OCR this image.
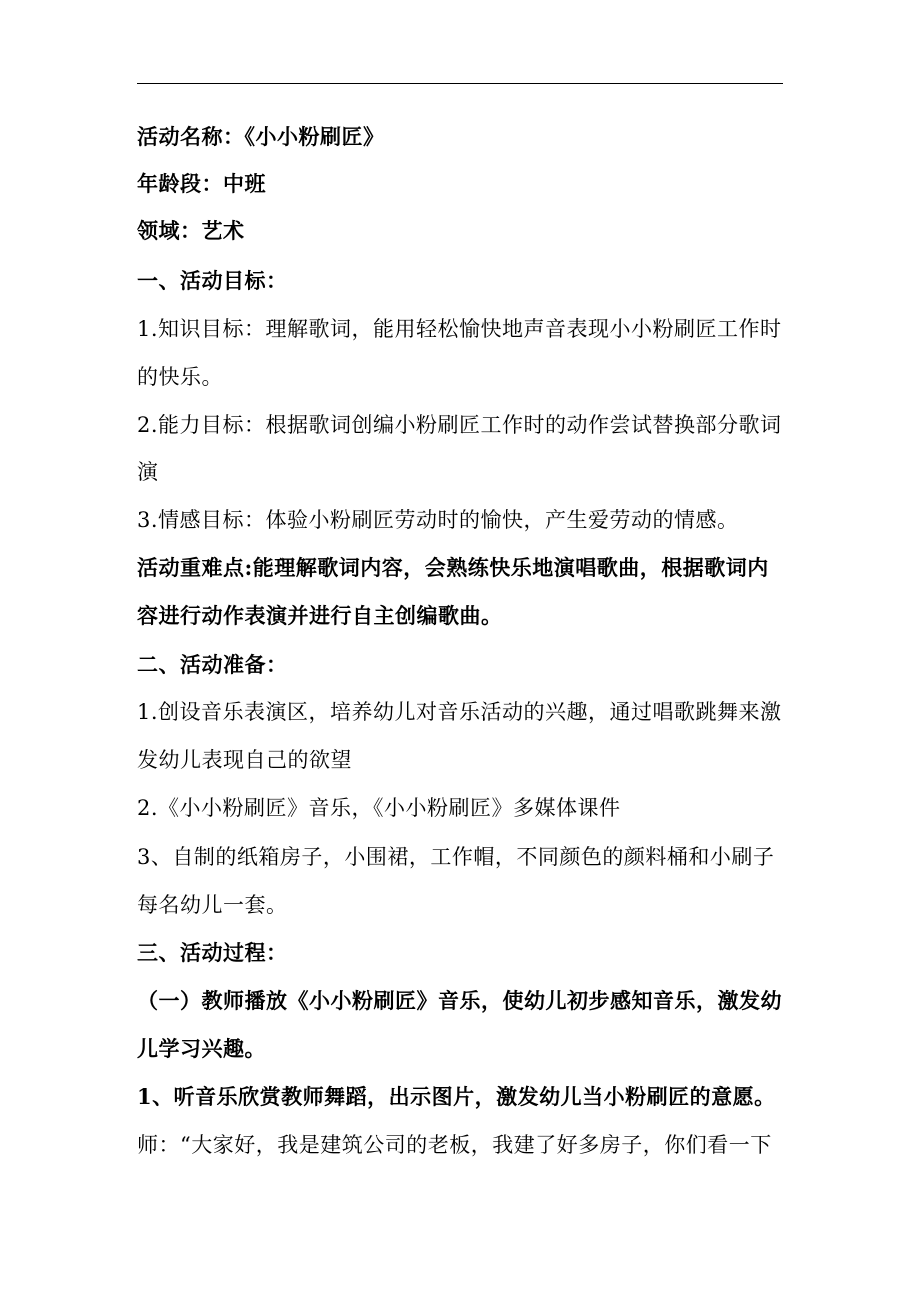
活动名称：《小小粉刷匠》
年龄段：中班
领域：艺术
一、活动目标：
1.知识目标：理解歌词，能用轻松愉快地声音表现小小粉刷匠工作时
的快乐。
2.能力目标：根据歌词创编小粉刷匠工作时的动作尝试替换部分歌词
演
3.情感目标：体验小粉刷匠劳动时的愉快，产生爱劳动的情感。
活动重难点:能理解歌词内容，会熟练快乐地演唱歌曲，根据歌词内
容进行动作表演并进行自主创编歌曲。
二、活动准备：
1.创设音乐表演区，培养幼儿对音乐活动的兴趣，通过唱歌跳舞来激
发幼儿表现自己的欲望
2.《小小粉刷匠》音乐，《小小粉刷匠》多媒体课件
3、自制的纸箱房子，小围裙，工作帽，不同颜色的颜料桶和小刷子
每名幼儿一套。
三、活动过程：
（一）教师播放《小小粉刷匠》音乐，使幼儿初步感知音乐，激发幼
儿学习兴趣。
1、听音乐欣赏教师舞蹈，出示图片，激发幼儿当小粉刷匠的意愿。
师：“大家好，我是建筑公司的老板，我建了好多房子，你们看一下
